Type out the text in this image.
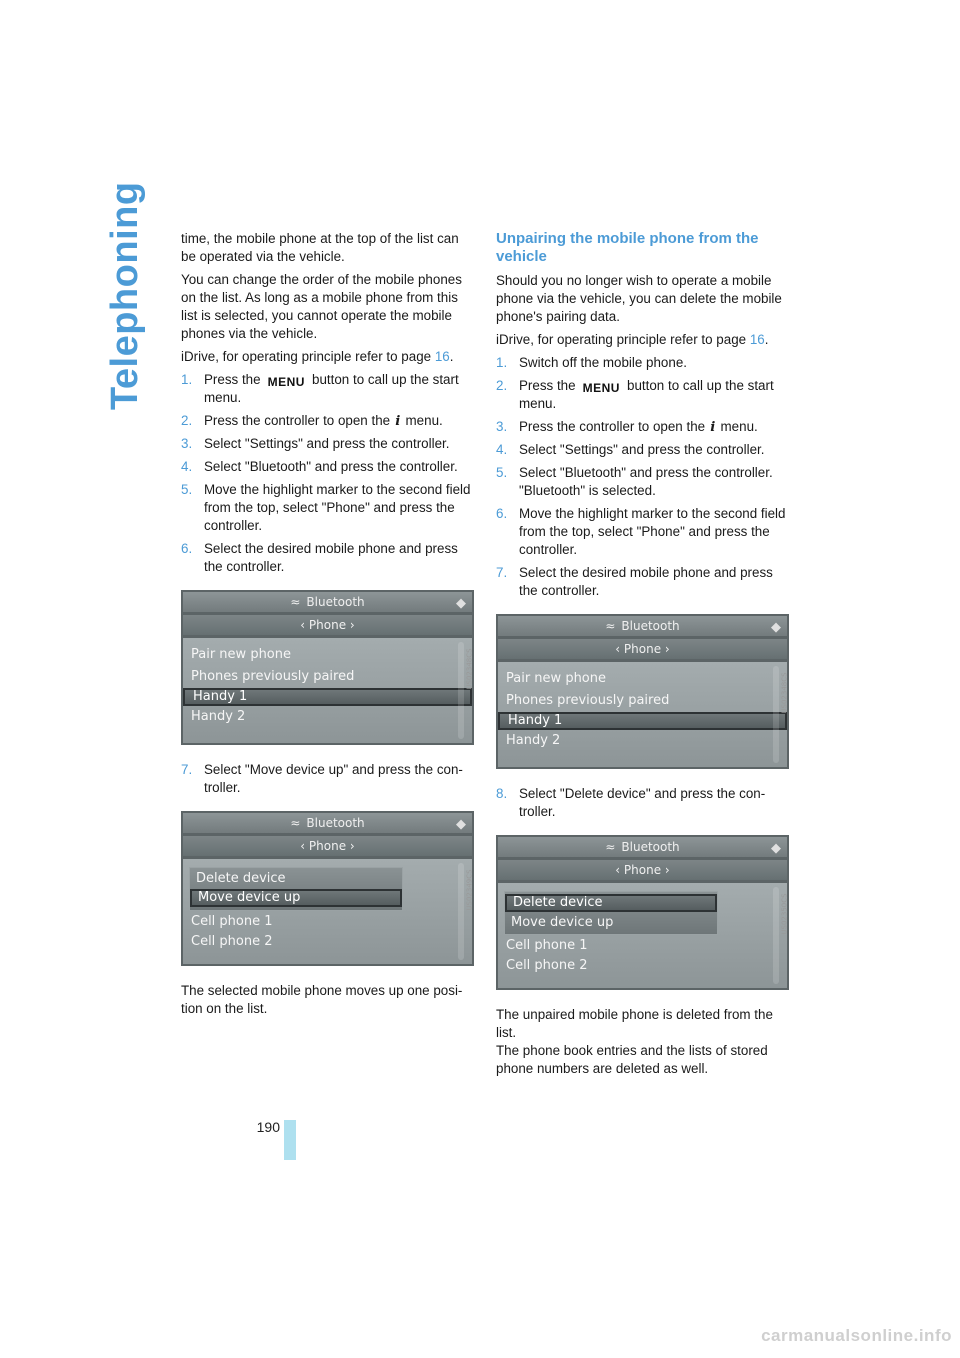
Telephoning	time, the mobile phone at the top of the list can be operated via the vehicle.

You can change the order of the mobile phones on the list. As long as a mobile phone from this list is selected, you cannot operate the mobile phones via the vehicle.

iDrive, for operating principle refer to page 16.

1. Press the MENU button to call up the start menu.
2. Press the controller to open the i menu.
3. Select "Settings" and press the controller.
4. Select "Bluetooth" and press the controller.
5. Move the highlight marker to the second field from the top, select "Phone" and press the controller.
6. Select the desired mobile phone and press the controller.
≈ Bluetooth	◆
‹ Phone ›
Pair new phone
Phones previously paired
Handy 1
Handy 2
US02348CS
7. Select "Move device up" and press the con-troller.
≈ Bluetooth	◆
‹ Phone ›
Delete device
Move device up
Cell phone 1
Cell phone 2
US02349CS

The selected mobile phone moves up one posi-tion on the list.

Unpairing the mobile phone from the vehicle

Should you no longer wish to operate a mobile phone via the vehicle, you can delete the mobile phone's pairing data.

iDrive, for operating principle refer to page 16.

1. Switch off the mobile phone.
2. Press the MENU button to call up the start menu.
3. Press the controller to open the i menu.
4. Select "Settings" and press the controller.
5. Select "Bluetooth" and press the controller. "Bluetooth" is selected.
6. Move the highlight marker to the second field from the top, select "Phone" and press the controller.
7. Select the desired mobile phone and press the controller.
≈ Bluetooth	◆
‹ Phone ›
Pair new phone
Phones previously paired
Handy 1
Handy 2
US02348CS
8. Select "Delete device" and press the con-troller.
≈ Bluetooth	◆
‹ Phone ›
Delete device
Move device up
Cell phone 1
Cell phone 2
US02350CS

The unpaired mobile phone is deleted from the list.

The phone book entries and the lists of stored phone numbers are deleted as well.

190
carmanualsonline.info
